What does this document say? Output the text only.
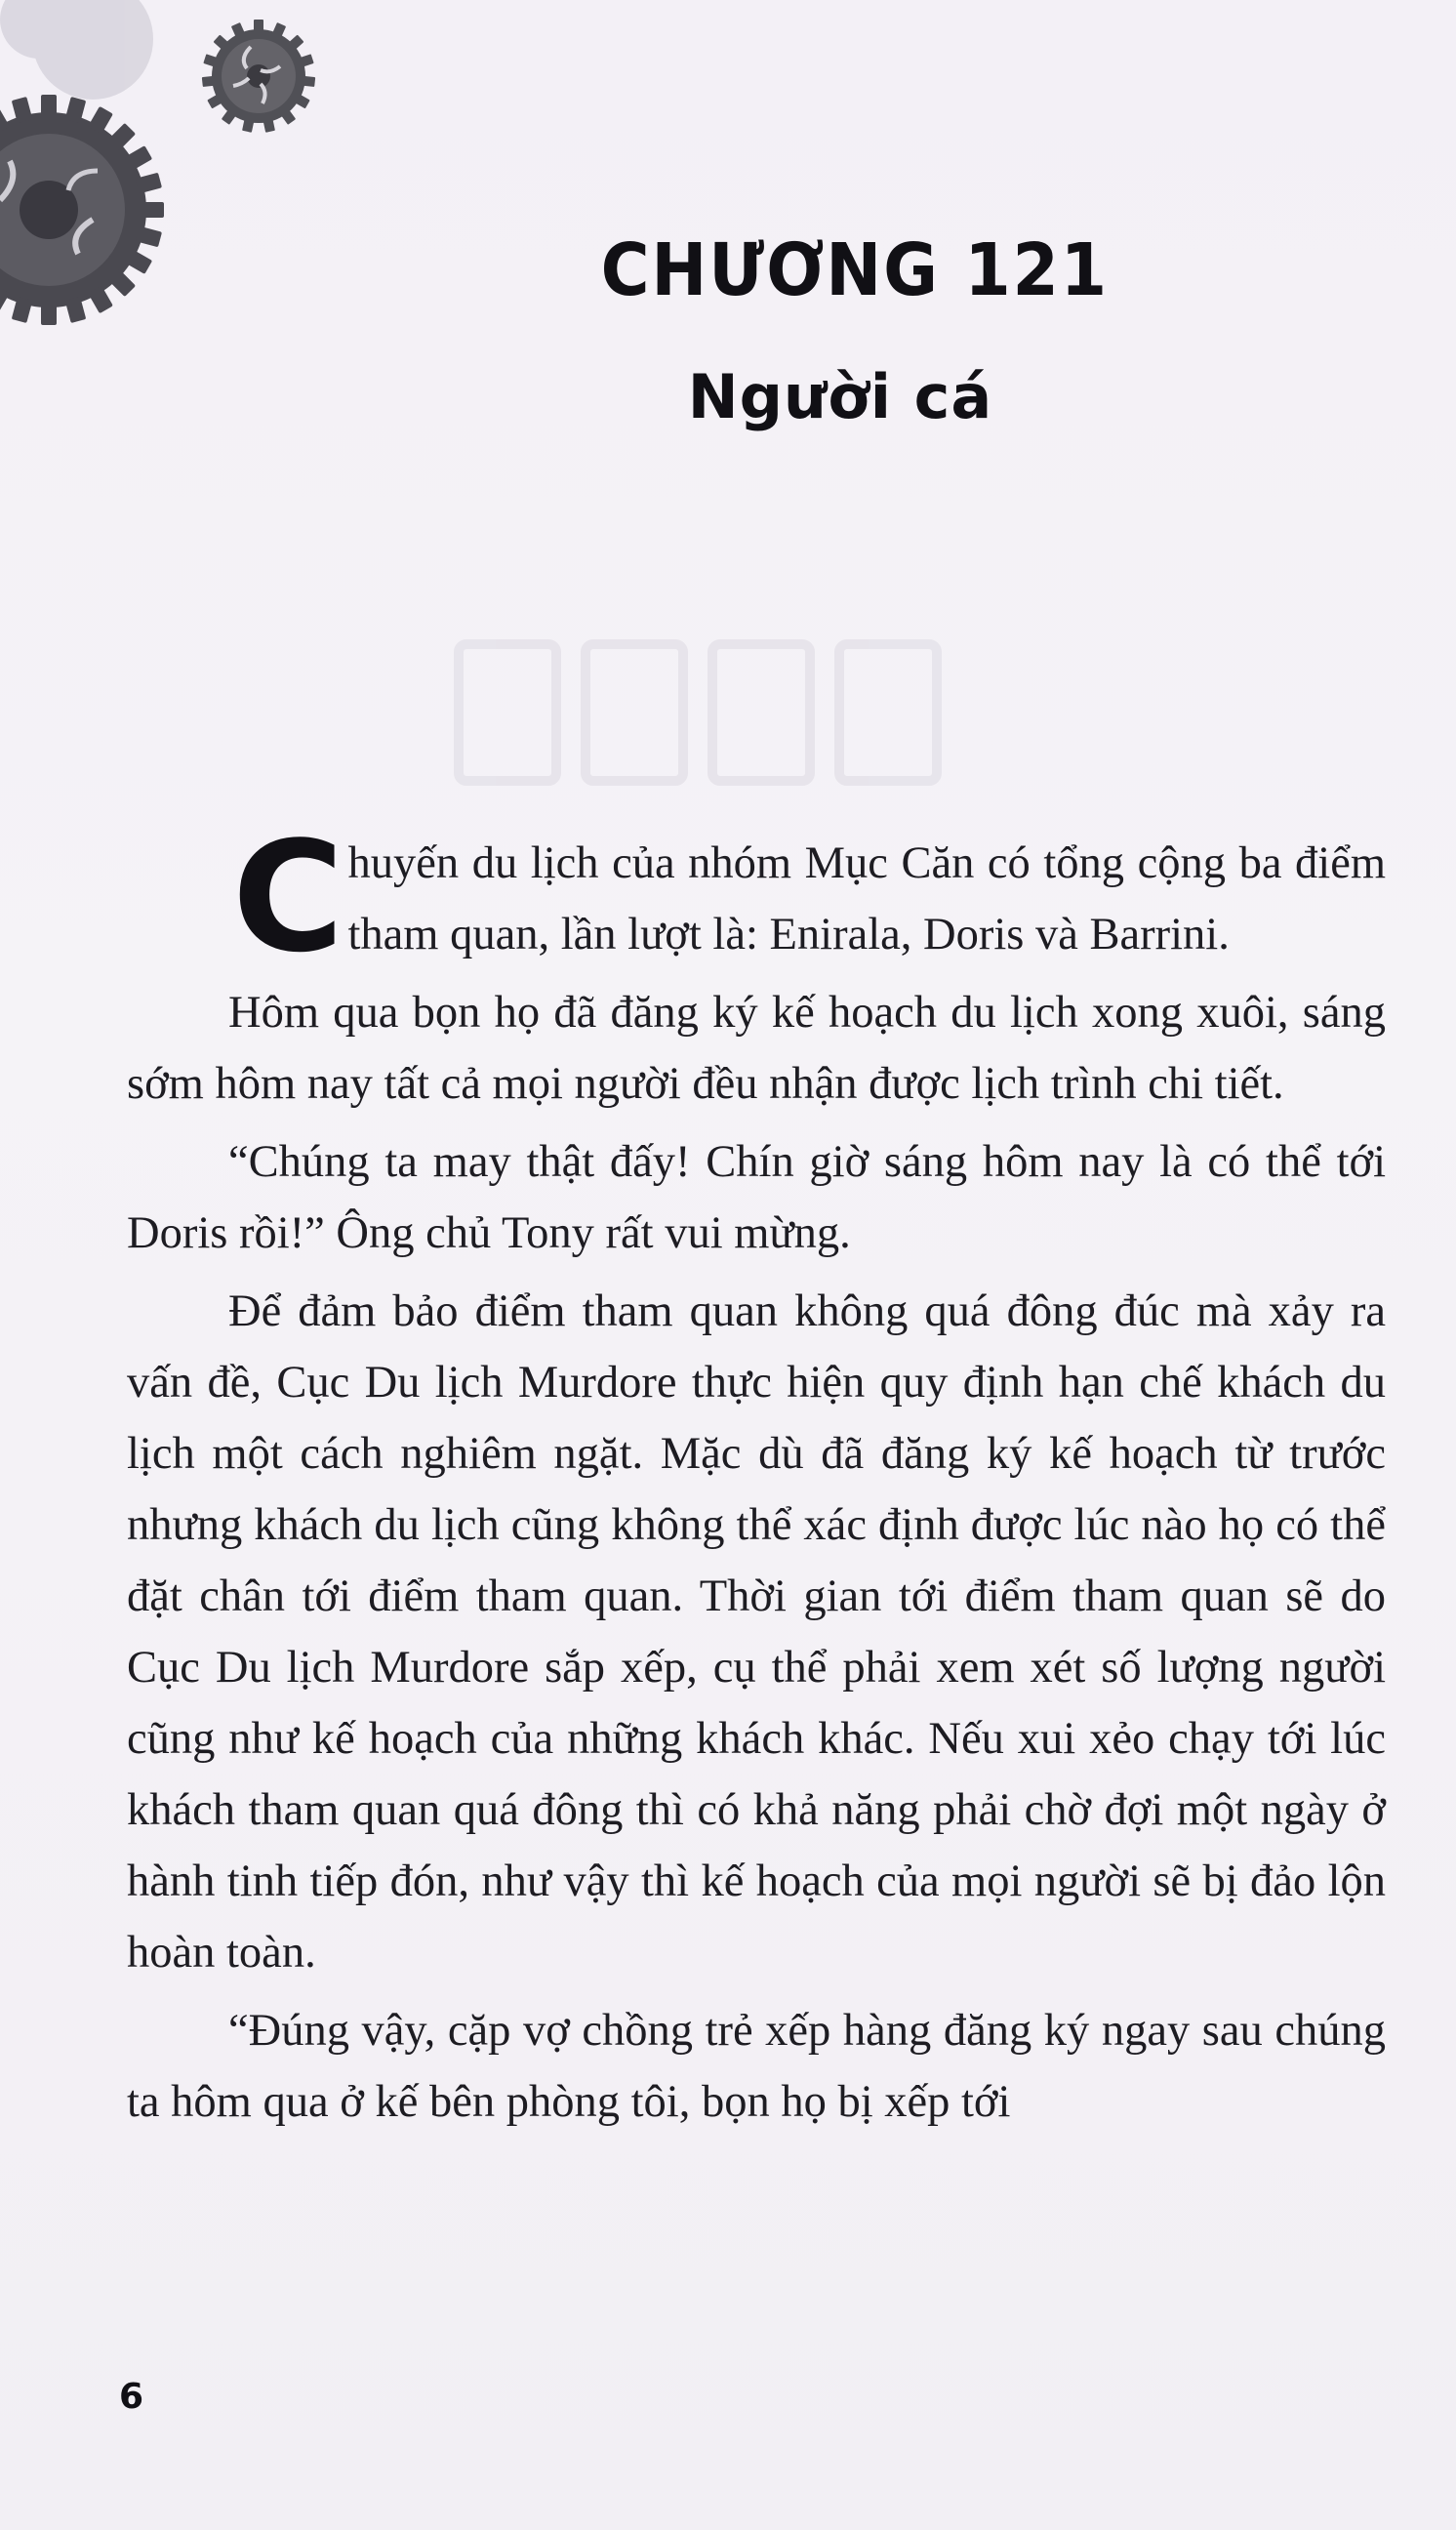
CHƯƠNG 121
Người cá

Chuyến du lịch của nhóm Mục Căn có tổng cộng ba điểm tham quan, lần lượt là: Enirala, Doris và Barrini.

Hôm qua bọn họ đã đăng ký kế hoạch du lịch xong xuôi, sáng sớm hôm nay tất cả mọi người đều nhận được lịch trình chi tiết.

“Chúng ta may thật đấy! Chín giờ sáng hôm nay là có thể tới Doris rồi!” Ông chủ Tony rất vui mừng.

Để đảm bảo điểm tham quan không quá đông đúc mà xảy ra vấn đề, Cục Du lịch Murdore thực hiện quy định hạn chế khách du lịch một cách nghiêm ngặt. Mặc dù đã đăng ký kế hoạch từ trước nhưng khách du lịch cũng không thể xác định được lúc nào họ có thể đặt chân tới điểm tham quan. Thời gian tới điểm tham quan sẽ do Cục Du lịch Murdore sắp xếp, cụ thể phải xem xét số lượng người cũng như kế hoạch của những khách khác. Nếu xui xẻo chạy tới lúc khách tham quan quá đông thì có khả năng phải chờ đợi một ngày ở hành tinh tiếp đón, như vậy thì kế hoạch của mọi người sẽ bị đảo lộn hoàn toàn.

“Đúng vậy, cặp vợ chồng trẻ xếp hàng đăng ký ngay sau chúng ta hôm qua ở kế bên phòng tôi, bọn họ bị xếp tới

6
